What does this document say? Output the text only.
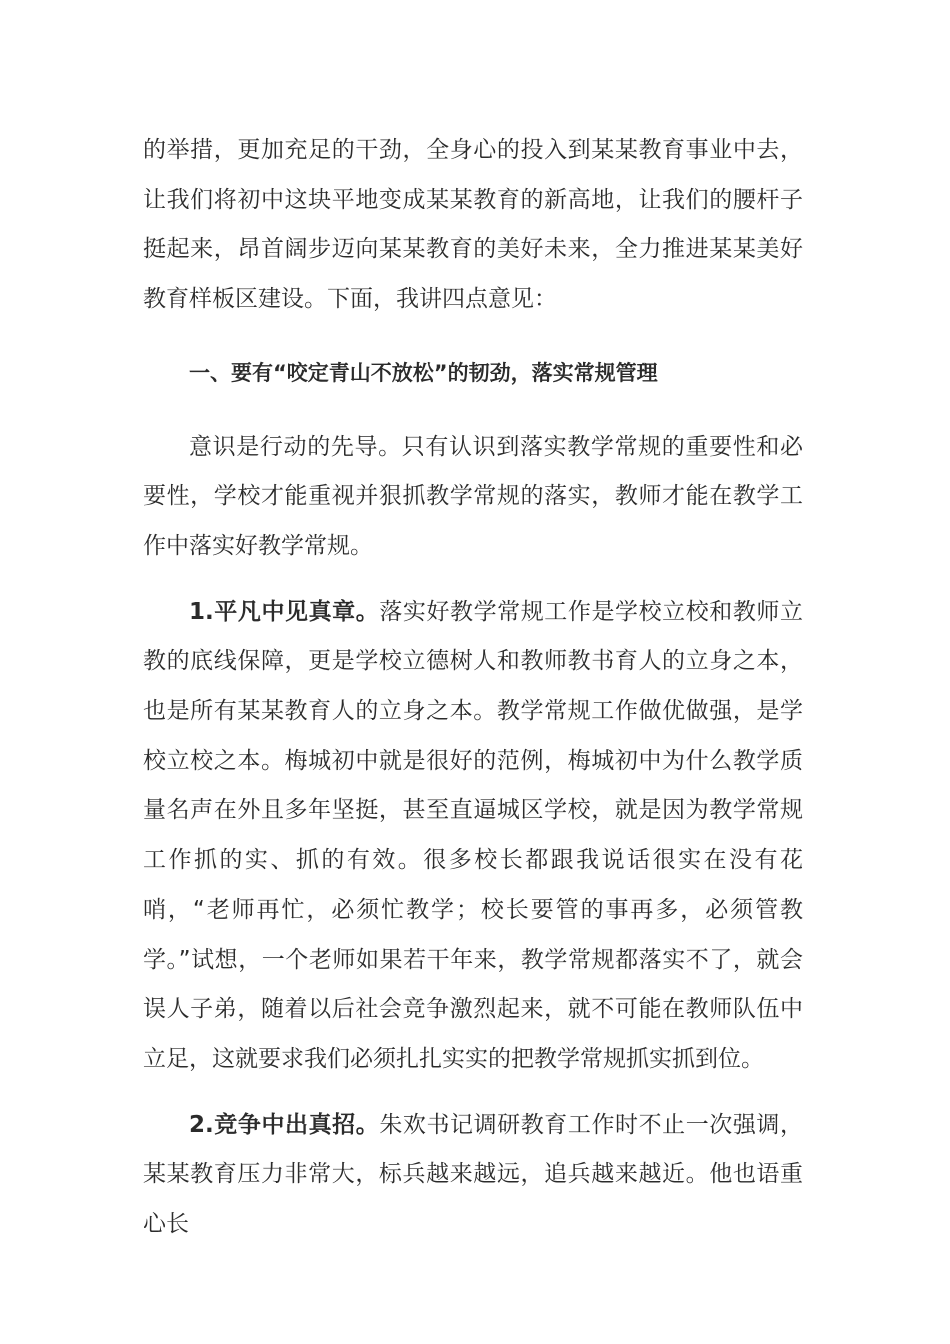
的举措，更加充足的干劲，全身心的投入到某某教育事业中去，让我们将初中这块平地变成某某教育的新高地，让我们的腰杆子挺起来，昂首阔步迈向某某教育的美好未来，全力推进某某美好教育样板区建设。下面，我讲四点意见：

一、要有“咬定青山不放松”的韧劲，落实常规管理

意识是行动的先导。只有认识到落实教学常规的重要性和必要性，学校才能重视并狠抓教学常规的落实，教师才能在教学工作中落实好教学常规。

1.平凡中见真章。落实好教学常规工作是学校立校和教师立教的底线保障，更是学校立德树人和教师教书育人的立身之本，也是所有某某教育人的立身之本。教学常规工作做优做强，是学校立校之本。梅城初中就是很好的范例，梅城初中为什么教学质量名声在外且多年坚挺，甚至直逼城区学校，就是因为教学常规工作抓的实、抓的有效。很多校长都跟我说话很实在没有花哨，“老师再忙，必须忙教学；校长要管的事再多，必须管教学。”试想，一个老师如果若干年来，教学常规都落实不了，就会误人子弟，随着以后社会竞争激烈起来，就不可能在教师队伍中立足，这就要求我们必须扎扎实实的把教学常规抓实抓到位。

2.竞争中出真招。朱欢书记调研教育工作时不止一次强调，某某教育压力非常大，标兵越来越远，追兵越来越近。他也语重心长
